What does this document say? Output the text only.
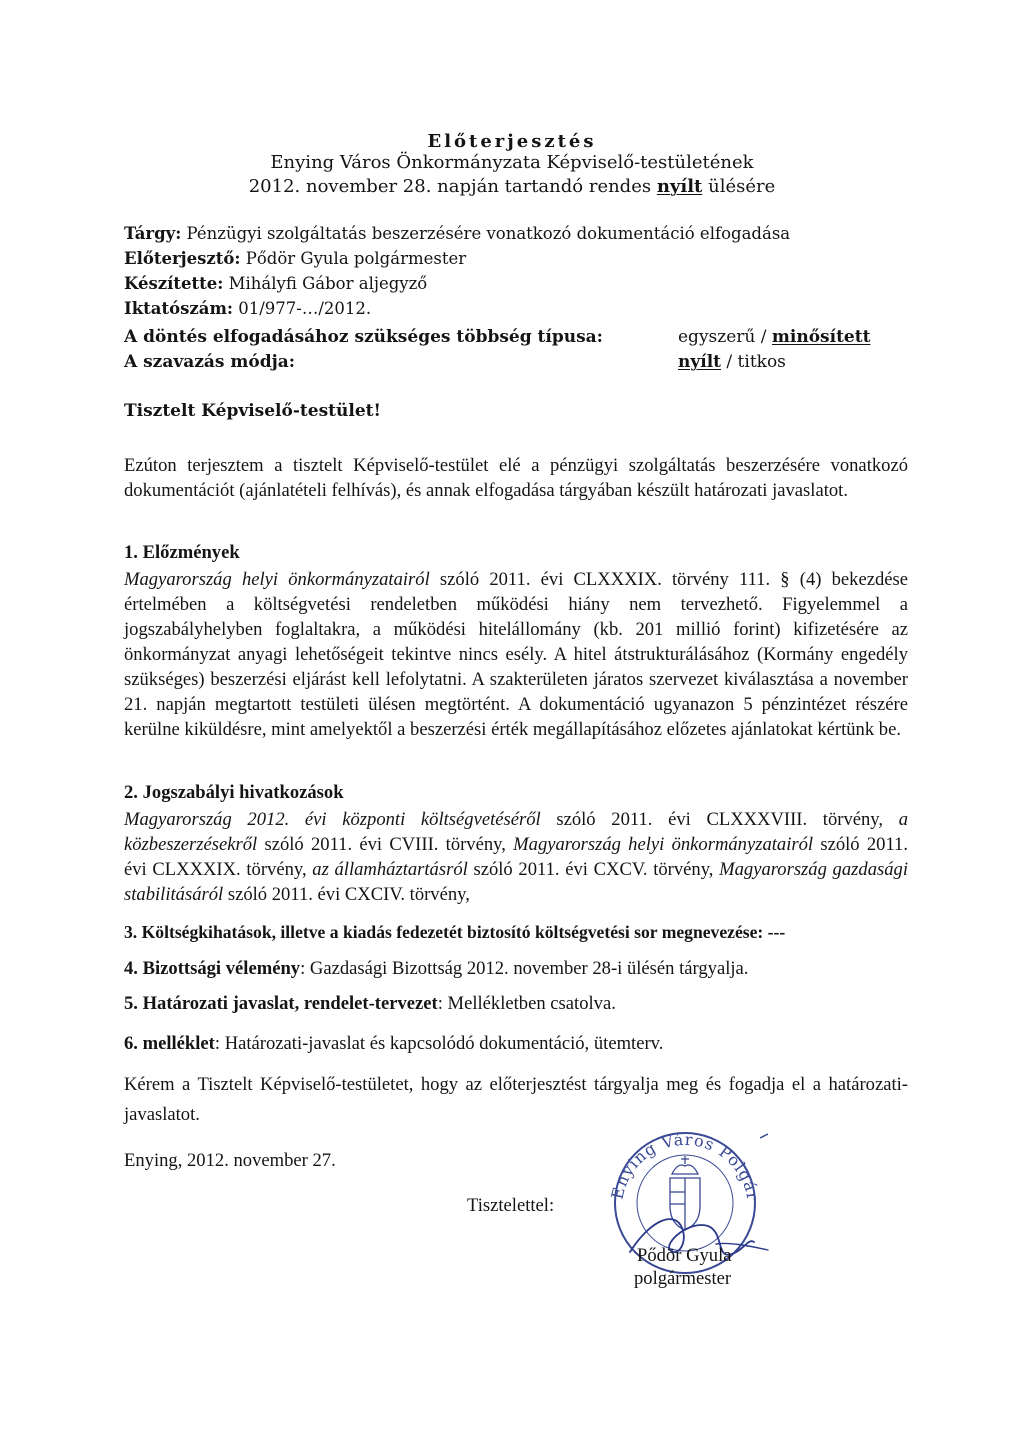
Előterjesztés
Enying Város Önkormányzata Képviselő-testületének
2012. november 28. napján tartandó rendes nyílt ülésére
Tárgy: Pénzügyi szolgáltatás beszerzésére vonatkozó dokumentáció elfogadása
Előterjesztő: Pődör Gyula polgármester
Készítette: Mihályfi Gábor aljegyző
Iktatószám: 01/977-…/2012.
A döntés elfogadásához szükséges többség típusa:	egyszerű / minősített
A szavazás módja:	nyílt / titkos
Tisztelt Képviselő-testület!

Ezúton terjesztem a tisztelt Képviselő-testület elé a pénzügyi szolgáltatás beszerzésére vonatkozó dokumentációt (ajánlatételi felhívás), és annak elfogadása tárgyában készült határozati javaslatot.

1. Előzmények

Magyarország helyi önkormányzatairól szóló 2011. évi CLXXXIX. törvény 111. § (4) bekezdése értelmében a költségvetési rendeletben működési hiány nem tervezhető. Figyelemmel a jogszabályhelyben foglaltakra, a működési hitelállomány (kb. 201 millió forint) kifizetésére az önkormányzat anyagi lehetőségeit tekintve nincs esély. A hitel átstrukturálásához (Kormány engedély szükséges) beszerzési eljárást kell lefolytatni. A szakterületen járatos szervezet kiválasztása a november 21. napján megtartott testületi ülésen megtörtént. A dokumentáció ugyanazon 5 pénzintézet részére kerülne kiküldésre, mint amelyektől a beszerzési érték megállapításához előzetes ajánlatokat kértünk be.

2. Jogszabályi hivatkozások

Magyarország 2012. évi központi költségvetéséről szóló 2011. évi CLXXXVIII. törvény, a közbeszerzésekről szóló 2011. évi CVIII. törvény, Magyarország helyi önkormányzatairól szóló 2011. évi CLXXXIX. törvény, az államháztartásról szóló 2011. évi CXCV. törvény, Magyarország gazdasági stabilitásáról szóló 2011. évi CXCIV. törvény,

3. Költségkihatások, illetve a kiadás fedezetét biztosító költségvetési sor megnevezése: ---
4. Bizottsági vélemény: Gazdasági Bizottság 2012. november 28-i ülésén tárgyalja.
5. Határozati javaslat, rendelet-tervezet: Mellékletben csatolva.
6. melléklet: Határozati-javaslat és kapcsolódó dokumentáció, ütemterv.

Kérem a Tisztelt Képviselő-testületet, hogy az előterjesztést tárgyalja meg és fogadja el a határozati-javaslatot.

Enying, 2012. november 27.
Tisztelettel:
Enying Város Polgármestere
Pődör Gyula
polgármester
